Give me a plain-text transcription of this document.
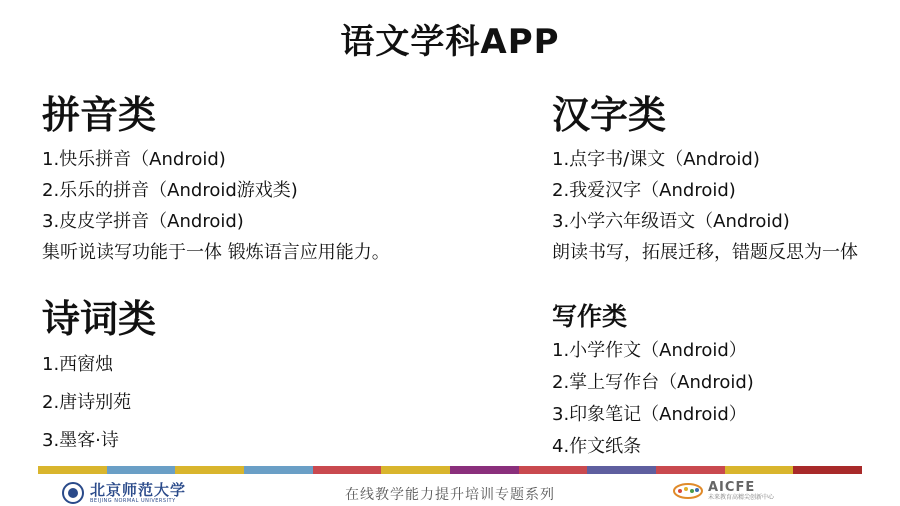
语文学科APP
拼音类
1.快乐拼音（Android)
2.乐乐的拼音（Android游戏类)
3.皮皮学拼音（Android)
集听说读写功能于一体 锻炼语言应用能力。
汉字类
1.点字书/课文（Android)
2.我爱汉字（Android)
3.小学六年级语文（Android)
朗读书写，拓展迁移，错题反思为一体
诗词类
1.西窗烛
2.唐诗别苑
3.墨客·诗
写作类
1.小学作文（Android）
2.掌上写作台（Android)
3.印象笔记（Android）
4.作文纸条
北京师范大学
BEIJING NORMAL UNIVERSITY	在线教学能力提升培训专题系列	AICFE
未来教育高精尖创新中心
